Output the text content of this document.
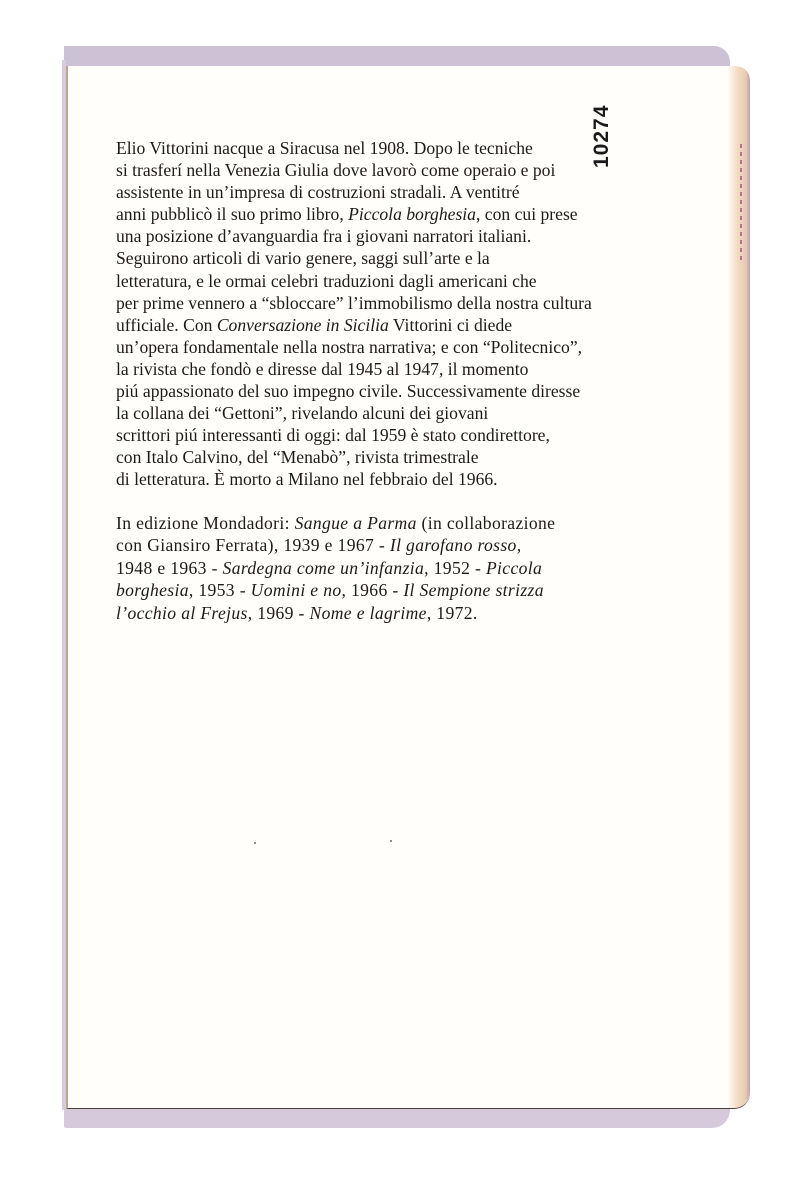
10274

Elio Vittorini nacque a Siracusa nel 1908. Dopo le tecniche
si trasferí nella Venezia Giulia dove lavorò come operaio e poi
assistente in un’impresa di costruzioni stradali. A ventitré
anni pubblicò il suo primo libro, Piccola borghesia, con cui prese
una posizione d’avanguardia fra i giovani narratori italiani.
Seguirono articoli di vario genere, saggi sull’arte e la
letteratura, e le ormai celebri traduzioni dagli americani che
per prime vennero a “sbloccare” l’immobilismo della nostra cultura
ufficiale. Con Conversazione in Sicilia Vittorini ci diede
un’opera fondamentale nella nostra narrativa; e con “Politecnico”,
la rivista che fondò e diresse dal 1945 al 1947, il momento
piú appassionato del suo impegno civile. Successivamente diresse
la collana dei “Gettoni”, rivelando alcuni dei giovani
scrittori piú interessanti di oggi: dal 1959 è stato condirettore,
con Italo Calvino, del “Menabò”, rivista trimestrale
di letteratura. È morto a Milano nel febbraio del 1966.

In edizione Mondadori: Sangue a Parma (in collaborazione
con Giansiro Ferrata), 1939 e 1967 - Il garofano rosso,
1948 e 1963 - Sardegna come un’infanzia, 1952 - Piccola
borghesia, 1953 - Uomini e no, 1966 - Il Sempione strizza
l’occhio al Frejus, 1969 - Nome e lagrime, 1972.
